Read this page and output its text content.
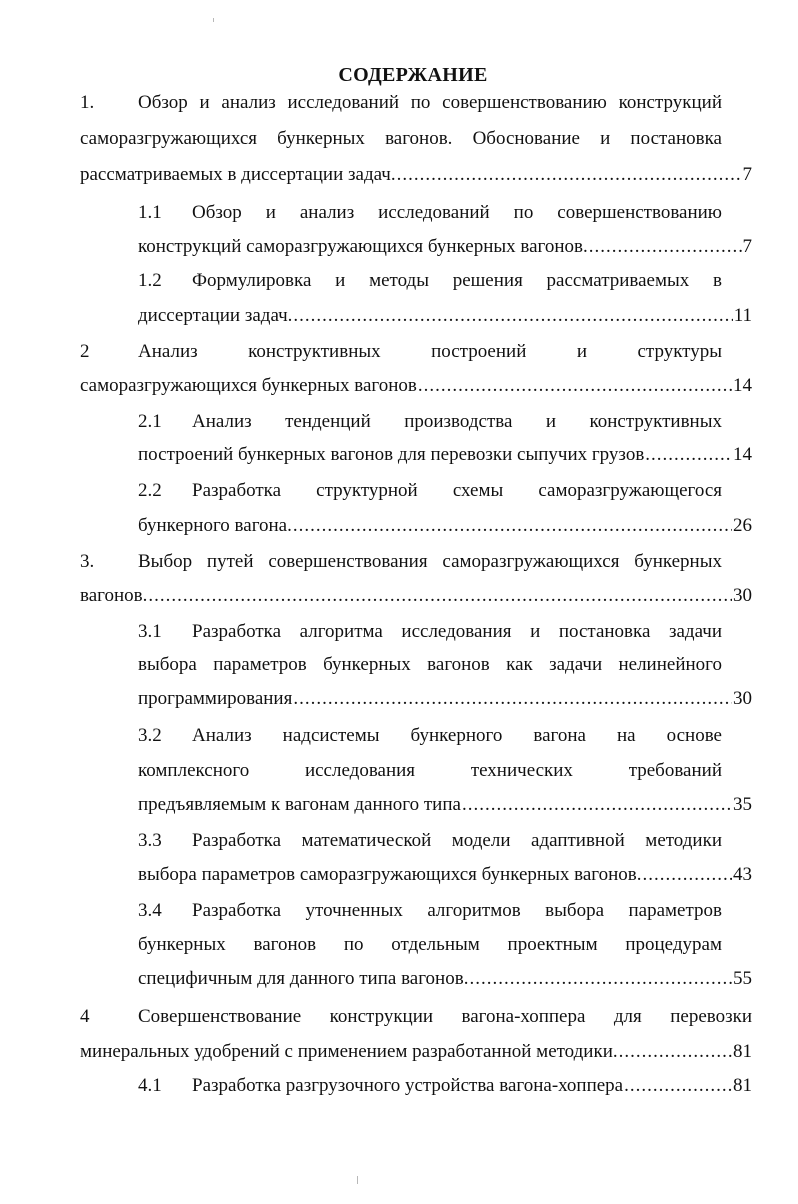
СОДЕРЖАНИЕ
1. Обзор и анализ исследований по совершенствованию конструкций
саморазгружающихся бункерных вагонов. Обоснование и постановка
рассматриваемых в диссертации задач. .....	7
1.1 Обзор и анализ исследований по совершенствованию
конструкций саморазгружающихся бункерных вагонов. .....	7
1.2 Формулировка и методы решения рассматриваемых в
диссертации задач. .....	11
2	Анализ конструктивных построений и структуры
саморазгружающихся бункерных вагонов .....	14
2.1 Анализ тенденций производства и конструктивных
построений бункерных вагонов для перевозки сыпучих грузов .....	14
2.2 Разработка структурной схемы саморазгружающегося
бункерного вагона. .....	26
3. Выбор путей совершенствования саморазгружающихся бункерных
вагонов. .....	30
3.1 Разработка алгоритма исследования и постановка задачи
выбора параметров бункерных вагонов как задачи нелинейного
программирования .....	30
3.2 Анализ надсистемы бункерного вагона на основе
комплексного исследования технических требований
предъявляемым к вагонам данного типа .....	35
3.3 Разработка математической модели адаптивной методики
выбора параметров саморазгружающихся бункерных вагонов. .....	43
3.4 Разработка уточненных алгоритмов выбора параметров
бункерных вагонов по отдельным проектным процедурам
специфичным для данного типа вагонов. .....	55
4	Совершенствование конструкции вагона-хоппера для перевозки
минеральных удобрений с применением разработанной методики. .....	81
4.1 Разработка разгрузочного устройства вагона-хоппера .....	81
